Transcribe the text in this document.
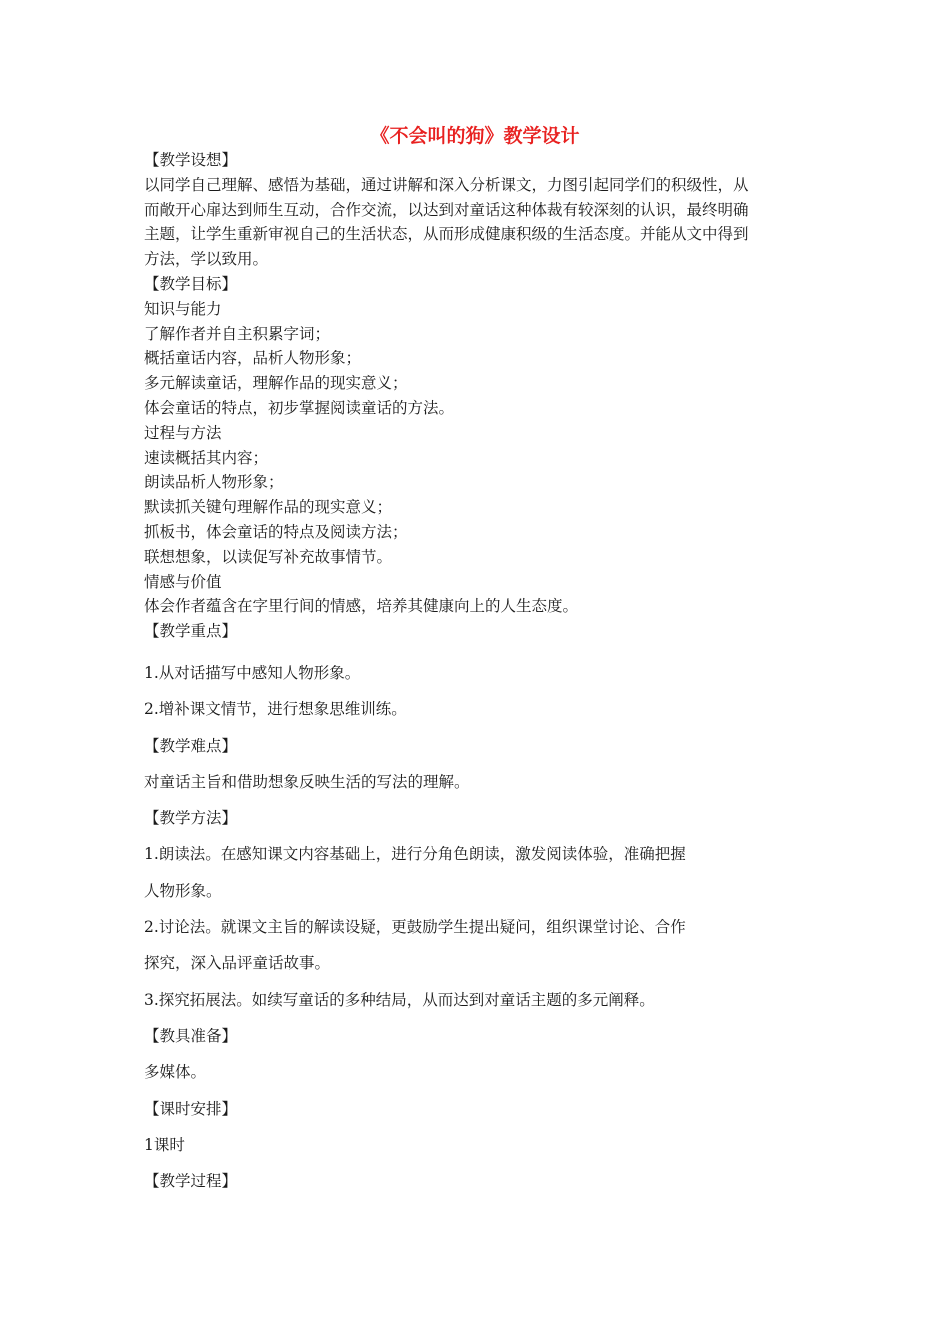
《不会叫的狗》教学设计
【教学设想】
以同学自己理解、感悟为基础，通过讲解和深入分析课文，力图引起同学们的积级性，从
而敞开心扉达到师生互动，合作交流，以达到对童话这种体裁有较深刻的认识，最终明确
主题，让学生重新审视自己的生活状态，从而形成健康积级的生活态度。并能从文中得到
方法，学以致用。
【教学目标】
知识与能力
了解作者并自主积累字词；
概括童话内容，品析人物形象；
多元解读童话，理解作品的现实意义；
体会童话的特点，初步掌握阅读童话的方法。
过程与方法
速读概括其内容；
朗读品析人物形象；
默读抓关键句理解作品的现实意义；
抓板书，体会童话的特点及阅读方法；
联想想象，以读促写补充故事情节。
情感与价值
体会作者蕴含在字里行间的情感，培养其健康向上的人生态度。
【教学重点】
1.从对话描写中感知人物形象。
2.增补课文情节，进行想象思维训练。
【教学难点】
对童话主旨和借助想象反映生活的写法的理解。
【教学方法】
1.朗读法。在感知课文内容基础上，进行分角色朗读，激发阅读体验，准确把握
人物形象。
2.讨论法。就课文主旨的解读设疑，更鼓励学生提出疑问，组织课堂讨论、合作
探究，深入品评童话故事。
3.探究拓展法。如续写童话的多种结局，从而达到对童话主题的多元阐释。
【教具准备】
多媒体。
【课时安排】
1课时
【教学过程】
